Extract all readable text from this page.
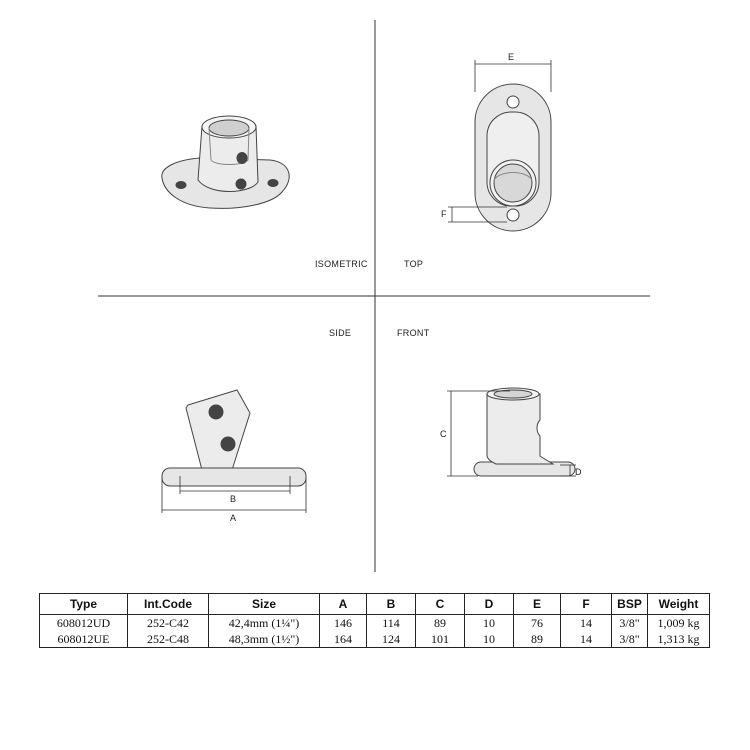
E
F
B
A
C
D
ISOMETRIC	TOP
SIDE	FRONT
Type	Int.Code	Size	A	B	C	D	E	F	BSP	Weight
608012UD	252-C42	42,4mm (1¼")	146	114	89	10	76	14	3/8"	1,009 kg
608012UE	252-C48	48,3mm (1½")	164	124	101	10	89	14	3/8"	1,313 kg
